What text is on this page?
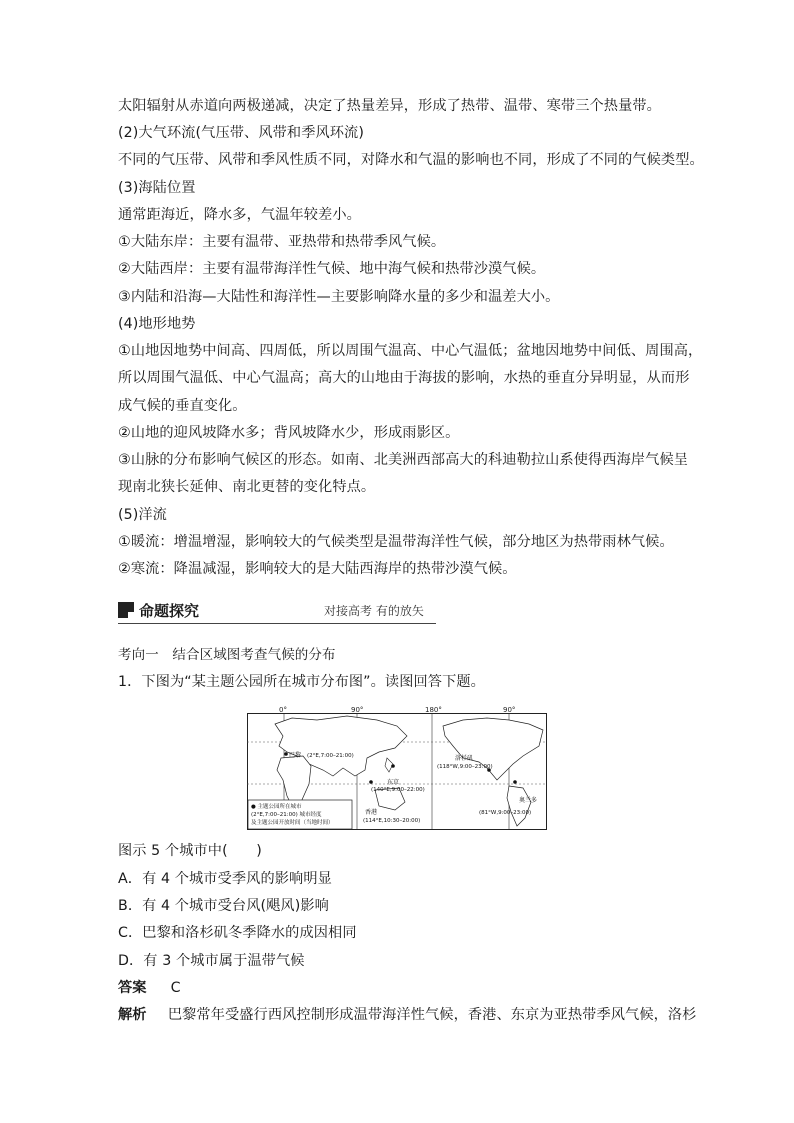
太阳辐射从赤道向两极递减，决定了热量差异，形成了热带、温带、寒带三个热量带。
(2)大气环流(气压带、风带和季风环流)
不同的气压带、风带和季风性质不同，对降水和气温的影响也不同，形成了不同的气候类型。
(3)海陆位置
通常距海近，降水多，气温年较差小。
①大陆东岸：主要有温带、亚热带和热带季风气候。
②大陆西岸：主要有温带海洋性气候、地中海气候和热带沙漠气候。
③内陆和沿海—大陆性和海洋性—主要影响降水量的多少和温差大小。
(4)地形地势
①山地因地势中间高、四周低，所以周围气温高、中心气温低；盆地因地势中间低、周围高，
所以周围气温低、中心气温高；高大的山地由于海拔的影响，水热的垂直分异明显，从而形
成气候的垂直变化。
②山地的迎风坡降水多；背风坡降水少，形成雨影区。
③山脉的分布影响气候区的形态。如南、北美洲西部高大的科迪勒拉山系使得西海岸气候呈
现南北狭长延伸、南北更替的变化特点。
(5)洋流
①暖流：增温增湿，影响较大的气候类型是温带海洋性气候，部分地区为热带雨林气候。
②寒流：降温减湿，影响较大的是大陆西海岸的热带沙漠气候。
命题探究	对接高考 有的放矢
考向一　结合区域图考查气候的分布
1．下图为“某主题公园所在城市分布图”。读图回答下题。
0°	90°	180°	90°
巴黎 (2°E,7:00–21:00)
东京
(140°E,9:00–22:00)
香港
(114°E,10:30–20:00)
洛杉矶
(118°W,9:00–23:00)
奥兰多
(81°W,9:00–23:00)
● 主题公园所在城市
(2°E,7:00–21:00) 城市经度
及主题公园开放时间（当地时间）
图示 5 个城市中(　　)
A．有 4 个城市受季风的影响明显
B．有 4 个城市受台风(飓风)影响
C．巴黎和洛杉矶冬季降水的成因相同
D．有 3 个城市属于温带气候
答案 C
解析 巴黎常年受盛行西风控制形成温带海洋性气候，香港、东京为亚热带季风气候，洛杉
